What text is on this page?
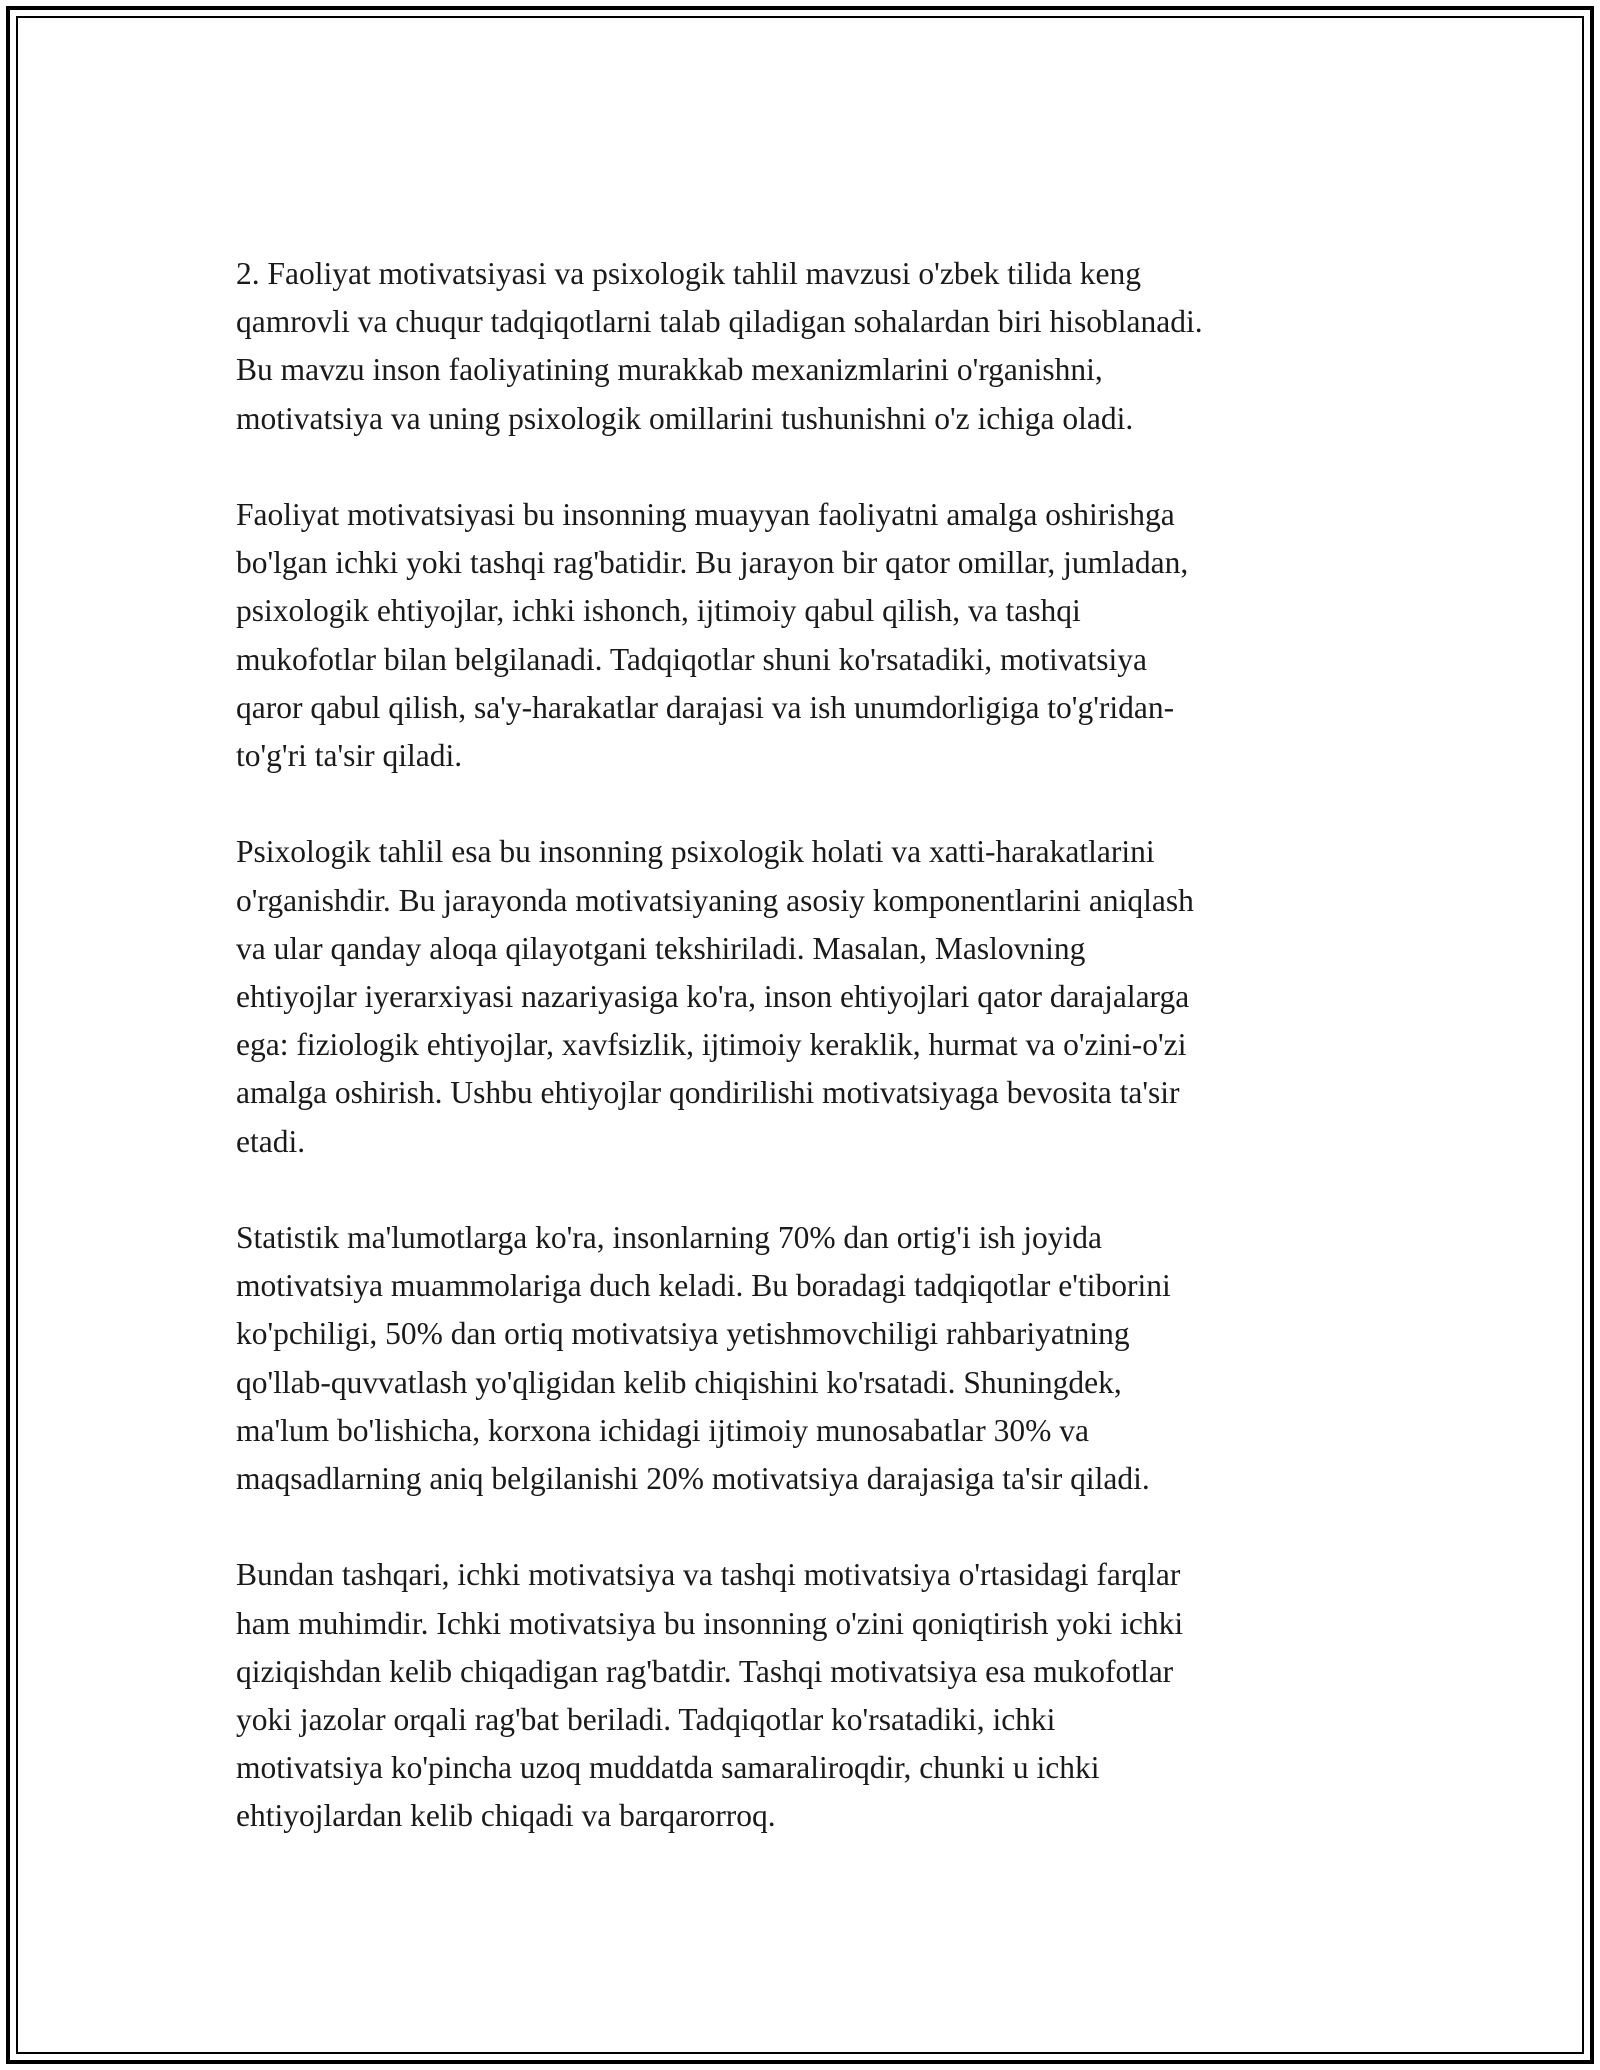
2. Faoliyat motivatsiyasi va psixologik tahlil mavzusi o'zbek tilida keng
qamrovli va chuqur tadqiqotlarni talab qiladigan sohalardan biri hisoblanadi.
Bu mavzu inson faoliyatining murakkab mexanizmlarini o'rganishni,
motivatsiya va uning psixologik omillarini tushunishni o'z ichiga oladi.

Faoliyat motivatsiyasi bu insonning muayyan faoliyatni amalga oshirishga
bo'lgan ichki yoki tashqi rag'batidir. Bu jarayon bir qator omillar, jumladan,
psixologik ehtiyojlar, ichki ishonch, ijtimoiy qabul qilish, va tashqi
mukofotlar bilan belgilanadi. Tadqiqotlar shuni ko'rsatadiki, motivatsiya
qaror qabul qilish, sa'y-harakatlar darajasi va ish unumdorligiga to'g'ridan-
to'g'ri ta'sir qiladi.

Psixologik tahlil esa bu insonning psixologik holati va xatti-harakatlarini
o'rganishdir. Bu jarayonda motivatsiyaning asosiy komponentlarini aniqlash
va ular qanday aloqa qilayotgani tekshiriladi. Masalan, Maslovning
ehtiyojlar iyerarxiyasi nazariyasiga ko'ra, inson ehtiyojlari qator darajalarga
ega: fiziologik ehtiyojlar, xavfsizlik, ijtimoiy keraklik, hurmat va o'zini-o'zi
amalga oshirish. Ushbu ehtiyojlar qondirilishi motivatsiyaga bevosita ta'sir
etadi.

Statistik ma'lumotlarga ko'ra, insonlarning 70% dan ortig'i ish joyida
motivatsiya muammolariga duch keladi. Bu boradagi tadqiqotlar e'tiborini
ko'pchiligi, 50% dan ortiq motivatsiya yetishmovchiligi rahbariyatning
qo'llab-quvvatlash yo'qligidan kelib chiqishini ko'rsatadi. Shuningdek,
ma'lum bo'lishicha, korxona ichidagi ijtimoiy munosabatlar 30% va
maqsadlarning aniq belgilanishi 20% motivatsiya darajasiga ta'sir qiladi.

Bundan tashqari, ichki motivatsiya va tashqi motivatsiya o'rtasidagi farqlar
ham muhimdir. Ichki motivatsiya bu insonning o'zini qoniqtirish yoki ichki
qiziqishdan kelib chiqadigan rag'batdir. Tashqi motivatsiya esa mukofotlar
yoki jazolar orqali rag'bat beriladi. Tadqiqotlar ko'rsatadiki, ichki
motivatsiya ko'pincha uzoq muddatda samaraliroqdir, chunki u ichki
ehtiyojlardan kelib chiqadi va barqarorroq.
